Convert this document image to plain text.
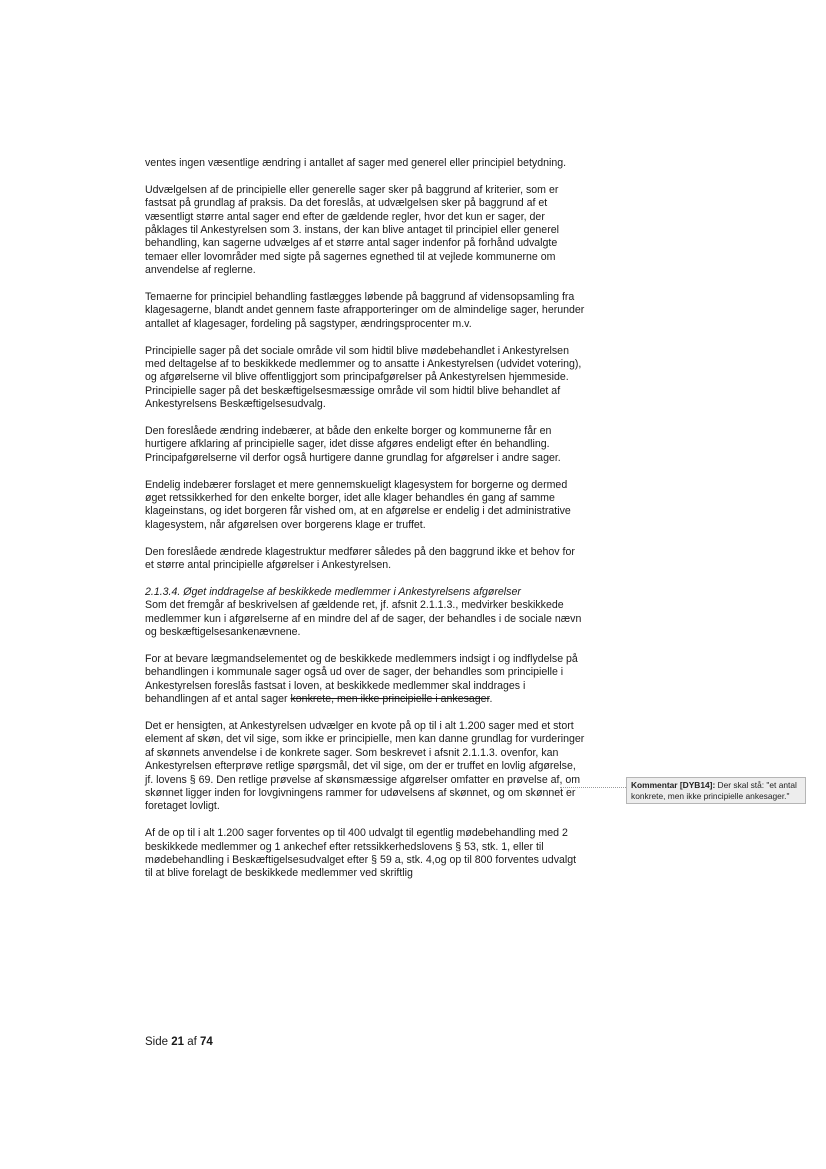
ventes ingen væsentlige ændring i antallet af sager med generel eller principiel betydning.

Udvælgelsen af de principielle eller generelle sager sker på baggrund af kriterier, som er fastsat på grundlag af praksis. Da det foreslås, at udvælgelsen sker på baggrund af et væsentligt større antal sager end efter de gældende regler, hvor det kun er sager, der påklages til Ankestyrelsen som 3. instans, der kan blive antaget til principiel eller generel behandling, kan sagerne udvælges af et større antal sager indenfor på forhånd udvalgte temaer eller lovområder med sigte på sagernes egnethed til at vejlede kommunerne om anvendelse af reglerne.

Temaerne for principiel behandling fastlægges løbende på baggrund af vidensopsamling fra klagesagerne, blandt andet gennem faste afrapporteringer om de almindelige sager, herunder antallet af klagesager, fordeling på sagstyper, ændringsprocenter m.v.

Principielle sager på det sociale område vil som hidtil blive mødebehandlet i Ankestyrelsen med deltagelse af to beskikkede medlemmer og to ansatte i Ankestyrelsen (udvidet votering), og afgørelserne vil blive offentliggjort som principafgørelser på Ankestyrelsen hjemmeside. Principielle sager på det beskæftigelsesmæssige område vil som hidtil blive behandlet af Ankestyrelsens Beskæftigelsesudvalg.

Den foreslåede ændring indebærer, at både den enkelte borger og kommunerne får en hurtigere afklaring af principielle sager, idet disse afgøres endeligt efter én behandling. Principafgørelserne vil derfor også hurtigere danne grundlag for afgørelser i andre sager.

Endelig indebærer forslaget et mere gennemskueligt klagesystem for borgerne og dermed øget retssikkerhed for den enkelte borger, idet alle klager behandles én gang af samme klageinstans, og idet borgeren får vished om, at en afgørelse er endelig i det administrative klagesystem, når afgørelsen over borgerens klage er truffet.

Den foreslåede ændrede klagestruktur medfører således på den baggrund ikke et behov for et større antal principielle afgørelser i Ankestyrelsen.

2.1.3.4. Øget inddragelse af beskikkede medlemmer i Ankestyrelsens afgørelser
Som det fremgår af beskrivelsen af gældende ret, jf. afsnit 2.1.1.3., medvirker beskikkede medlemmer kun i afgørelserne af en mindre del af de sager, der behandles i de sociale nævn og beskæftigelsesankenævnene.

For at bevare lægmandselementet og de beskikkede medlemmers indsigt i og indflydelse på behandlingen i kommunale sager også ud over de sager, der behandles som principielle i Ankestyrelsen foreslås fastsat i loven, at beskikkede medlemmer skal inddrages i behandlingen af et antal sager konkrete, men ikke principielle i ankesager.

Det er hensigten, at Ankestyrelsen udvælger en kvote på op til i alt 1.200 sager med et stort element af skøn, det vil sige, som ikke er principielle, men kan danne grundlag for vurderinger af skønnets anvendelse i de konkrete sager. Som beskrevet i afsnit 2.1.1.3. ovenfor, kan Ankestyrelsen efterprøve retlige spørgsmål, det vil sige, om der er truffet en lovlig afgørelse, jf. lovens § 69. Den retlige prøvelse af skønsmæssige afgørelser omfatter en prøvelse af, om skønnet ligger inden for lovgivningens rammer for udøvelsens af skønnet, og om skønnet er foretaget lovligt.

Af de op til i alt 1.200 sager forventes op til 400 udvalgt til egentlig mødebehandling med 2 beskikkede medlemmer og 1 ankechef efter retssikkerhedslovens § 53, stk. 1, eller til mødebehandling i Beskæftigelsesudvalget efter § 59 a, stk. 4,og op til 800 forventes udvalgt til at blive forelagt de beskikkede medlemmer ved skriftlig

Kommentar [DYB14]: Der skal stå: "et antal konkrete, men ikke principielle ankesager."
Side 21 af 74
